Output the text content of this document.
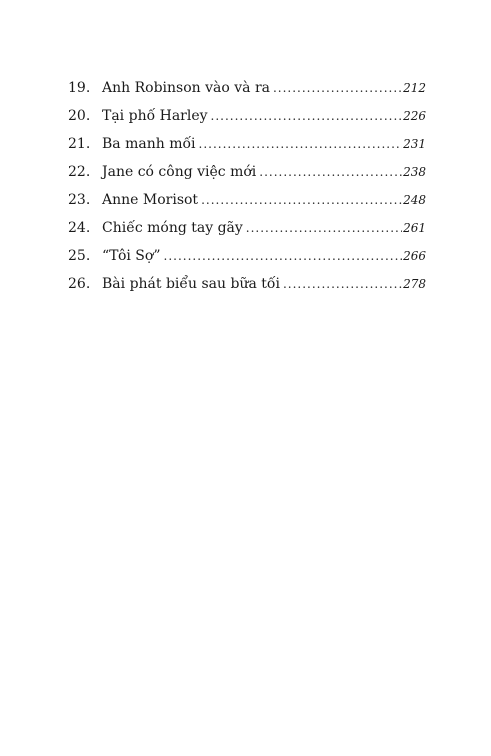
19. Anh Robinson vào và ra .....	212
20. Tại phố Harley .....	226
21. Ba manh mối .....	231
22. Jane có công việc mới .....	238
23. Anne Morisot .....	248
24. Chiếc móng tay gãy .....	261
25. “Tôi Sợ” .....	266
26. Bài phát biểu sau bữa tối .....	278
